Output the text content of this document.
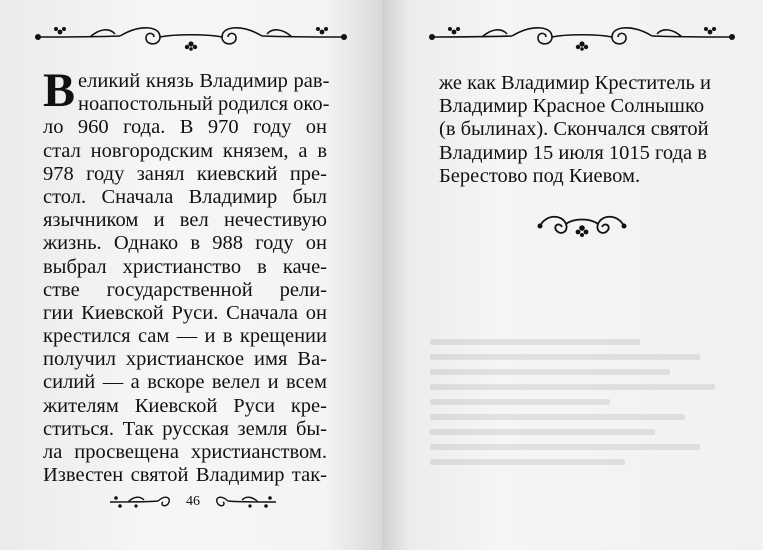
В еликий князь Владимир рав-
ноапостольный родился око-
ло 960 года. В 970 году он
стал новгородским князем, а в
978 году занял киевский пре-
стол. Сначала Владимир был
язычником и вел нечестивую
жизнь. Однако в 988 году он
выбрал христианство в каче-
стве государственной рели-
гии Киевской Руси. Сначала он
крестился сам — и в крещении
получил христианское имя Ва-
силий — а вскоре велел и всем
жителям Киевской Руси кре-
ститься. Так русская земля бы-
ла просвещена христианством.
Известен святой Владимир так-
46
же как Владимир Креститель и
Владимир Красное Солнышко
(в былинах). Скончался святой
Владимир 15 июля 1015 года в
Берестово под Киевом.
